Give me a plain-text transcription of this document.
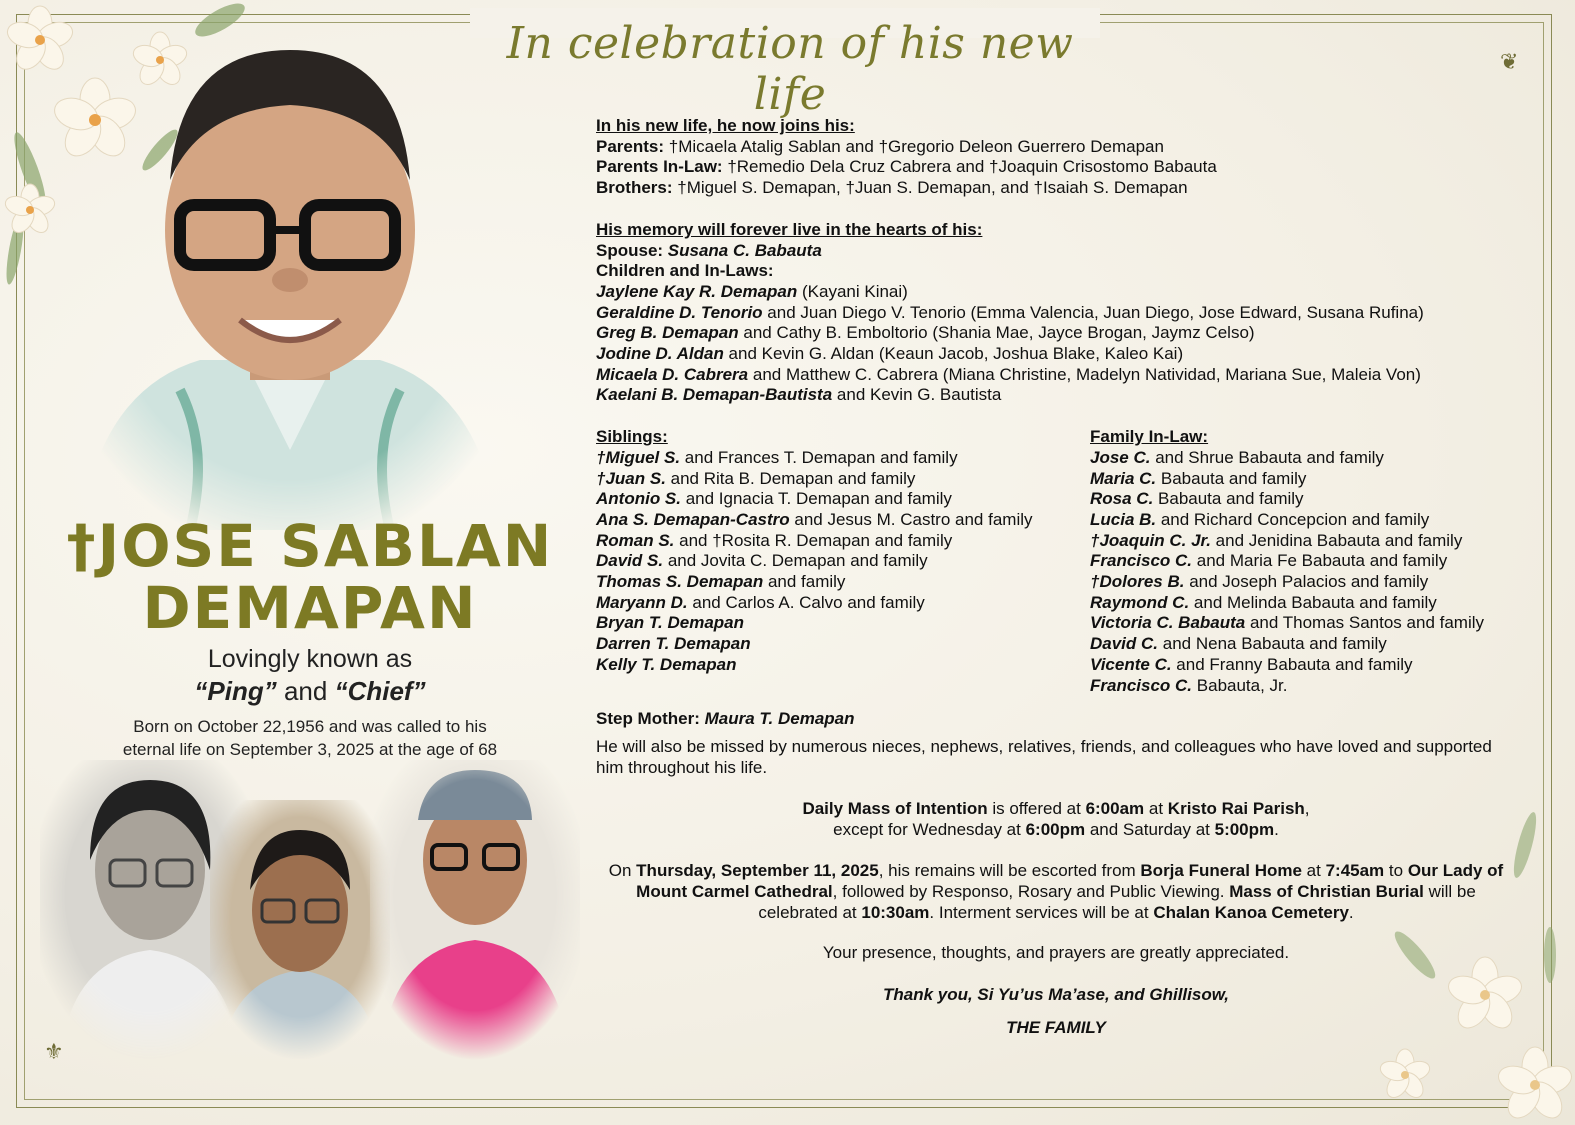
❦
In celebration of his new life
†JOSE SABLAN
DEMAPAN
Lovingly known as
“Ping” and “Chief”
Born on October 22,1956 and was called to his
eternal life on September 3, 2025 at the age of 68
In his new life, he now joins his:
Parents: †Micaela Atalig Sablan and †Gregorio Deleon Guerrero Demapan
Parents In-Law: †Remedio Dela Cruz Cabrera and †Joaquin Crisostomo Babauta
Brothers: †Miguel S. Demapan, †Juan S. Demapan, and †Isaiah S. Demapan
His memory will forever live in the hearts of his:
Spouse: Susana C. Babauta
Children and In-Laws:
Jaylene Kay R. Demapan (Kayani Kinai)
Geraldine D. Tenorio and Juan Diego V. Tenorio (Emma Valencia, Juan Diego, Jose Edward, Susana Rufina)
Greg B. Demapan and Cathy B. Emboltorio (Shania Mae, Jayce Brogan, Jaymz Celso)
Jodine D. Aldan and Kevin G. Aldan (Keaun Jacob, Joshua Blake, Kaleo Kai)
Micaela D. Cabrera and Matthew C. Cabrera (Miana Christine, Madelyn Natividad, Mariana Sue, Maleia Von)
Kaelani B. Demapan-Bautista and Kevin G. Bautista
Siblings:
†Miguel S. and Frances T. Demapan and family
†Juan S. and Rita B. Demapan and family
Antonio S. and Ignacia T. Demapan and family
Ana S. Demapan-Castro and Jesus M. Castro and family
Roman S. and †Rosita R. Demapan and family
David S. and Jovita C. Demapan and family
Thomas S. Demapan and family
Maryann D. and Carlos A. Calvo and family
Bryan T. Demapan
Darren T. Demapan
Kelly T. Demapan
Family In-Law:
Jose C. and Shrue Babauta and family
Maria C. Babauta and family
Rosa C. Babauta and family
Lucia B. and Richard Concepcion and family
†Joaquin C. Jr. and Jenidina Babauta and family
Francisco C. and Maria Fe Babauta and family
†Dolores B. and Joseph Palacios and family
Raymond C. and Melinda Babauta and family
Victoria C. Babauta and Thomas Santos and family
David C. and Nena Babauta and family
Vicente C. and Franny Babauta and family
Francisco C. Babauta, Jr.
Step Mother: Maura T. Demapan
He will also be missed by numerous nieces, nephews, relatives, friends, and colleagues who have loved and supported him throughout his life.

Daily Mass of Intention is offered at 6:00am at Kristo Rai Parish,

except for Wednesday at 6:00pm and Saturday at 5:00pm.

On Thursday, September 11, 2025, his remains will be escorted from Borja Funeral Home at 7:45am to Our Lady of Mount Carmel Cathedral, followed by Responso, Rosary and Public Viewing. Mass of Christian Burial will be celebrated at 10:30am. Interment services will be at Chalan Kanoa Cemetery.
Your presence, thoughts, and prayers are greatly appreciated.
Thank you, Si Yu’us Ma’ase, and Ghillisow,
THE FAMILY
